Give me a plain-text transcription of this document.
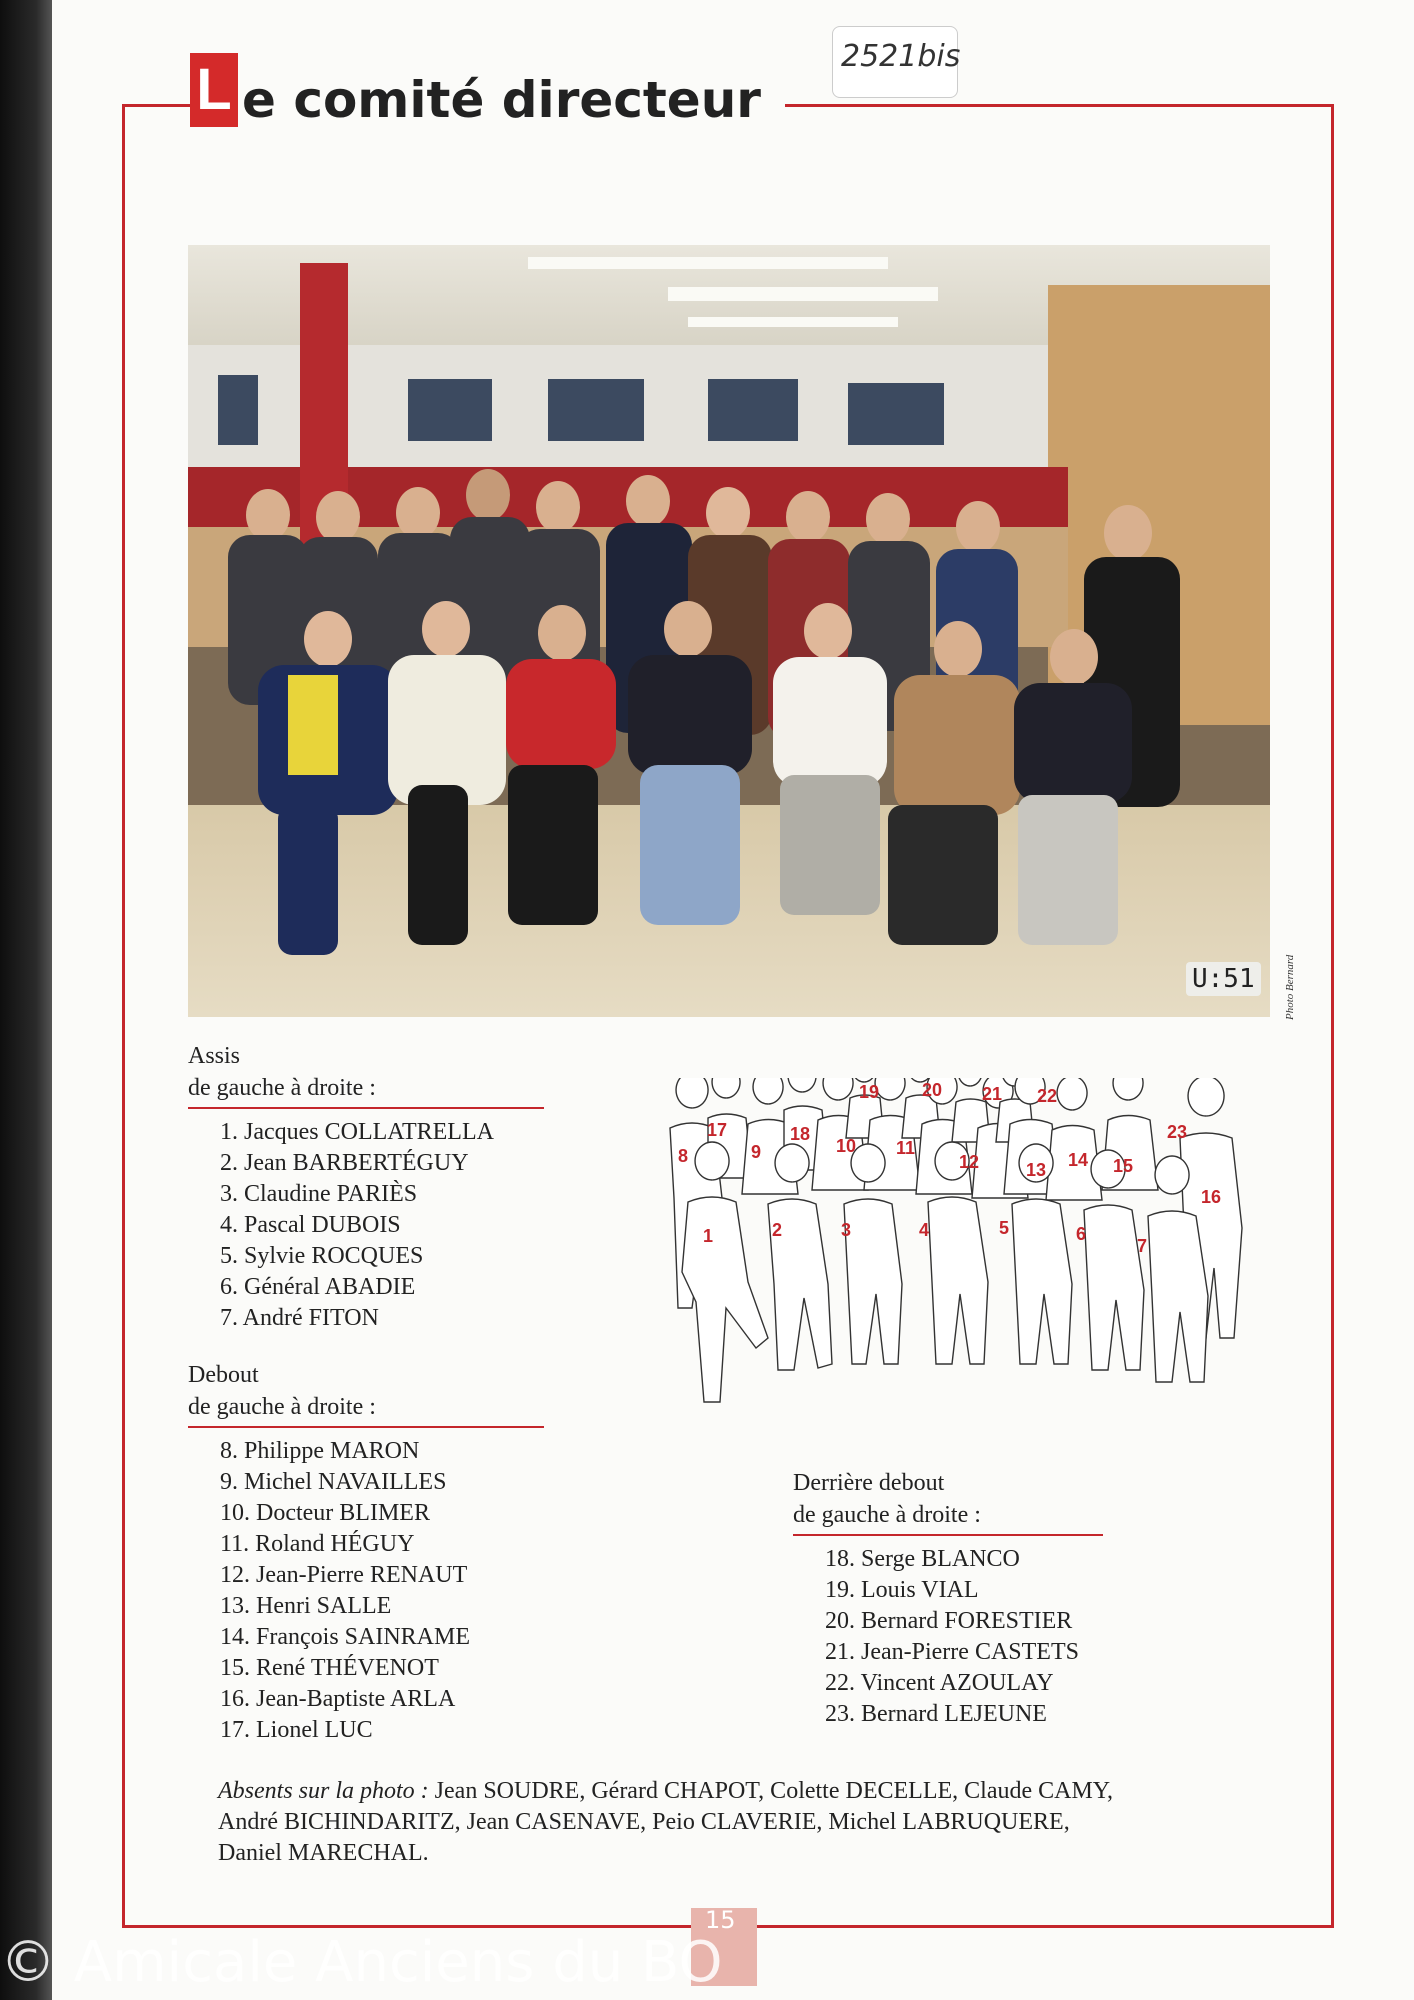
L e comité directeur
2521bis
Photo Bernard
U:51
Assis
de gauche à droite :
1. Jacques COLLATRELLA
2. Jean BARBERTÉGUY
3. Claudine PARIÈS
4. Pascal DUBOIS
5. Sylvie ROCQUES
6. Général ABADIE
7. André FITON
Debout
de gauche à droite :
8. Philippe MARON
9. Michel NAVAILLES
10. Docteur BLIMER
11. Roland HÉGUY
12. Jean-Pierre RENAUT
13. Henri SALLE
14. François SAINRAME
15. René THÉVENOT
16. Jean-Baptiste ARLA
17. Lionel LUC
Derrière debout
de gauche à droite :
18. Serge BLANCO
19. Louis VIAL
20. Bernard FORESTIER
21. Jean-Pierre CASTETS
22. Vincent AZOULAY
23. Bernard LEJEUNE
1	2	3	4	5	6
7
8	9	10 11
12	13 14 15
16
17	18
19 20 21 22
23
Absents sur la photo : Jean SOUDRE, Gérard CHAPOT, Colette DECELLE, Claude CAMY, André BICHINDARITZ, Jean CASENAVE, Peio CLAVERIE, Michel LABRUQUERE, Daniel MARECHAL.
15
© Amicale Anciens du BO
